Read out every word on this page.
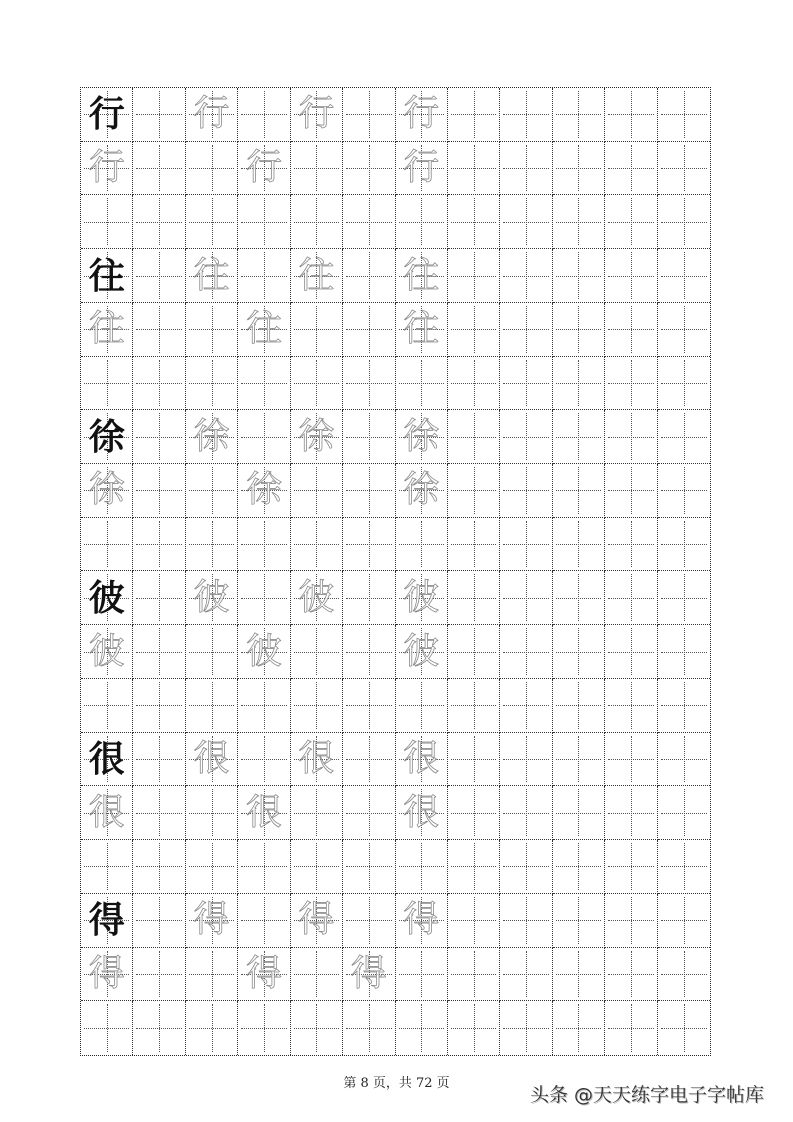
行 行 行 行
行	行	行
往 往 往 往
往	往	往
徐 徐 徐 徐
徐	徐	徐
彼 彼 彼 彼
彼	彼	彼
很 很 很 很
很	很	很
得 得 得 得
得	得 得
第 8 页，共 72 页
头条 @天天练字电子字帖库
